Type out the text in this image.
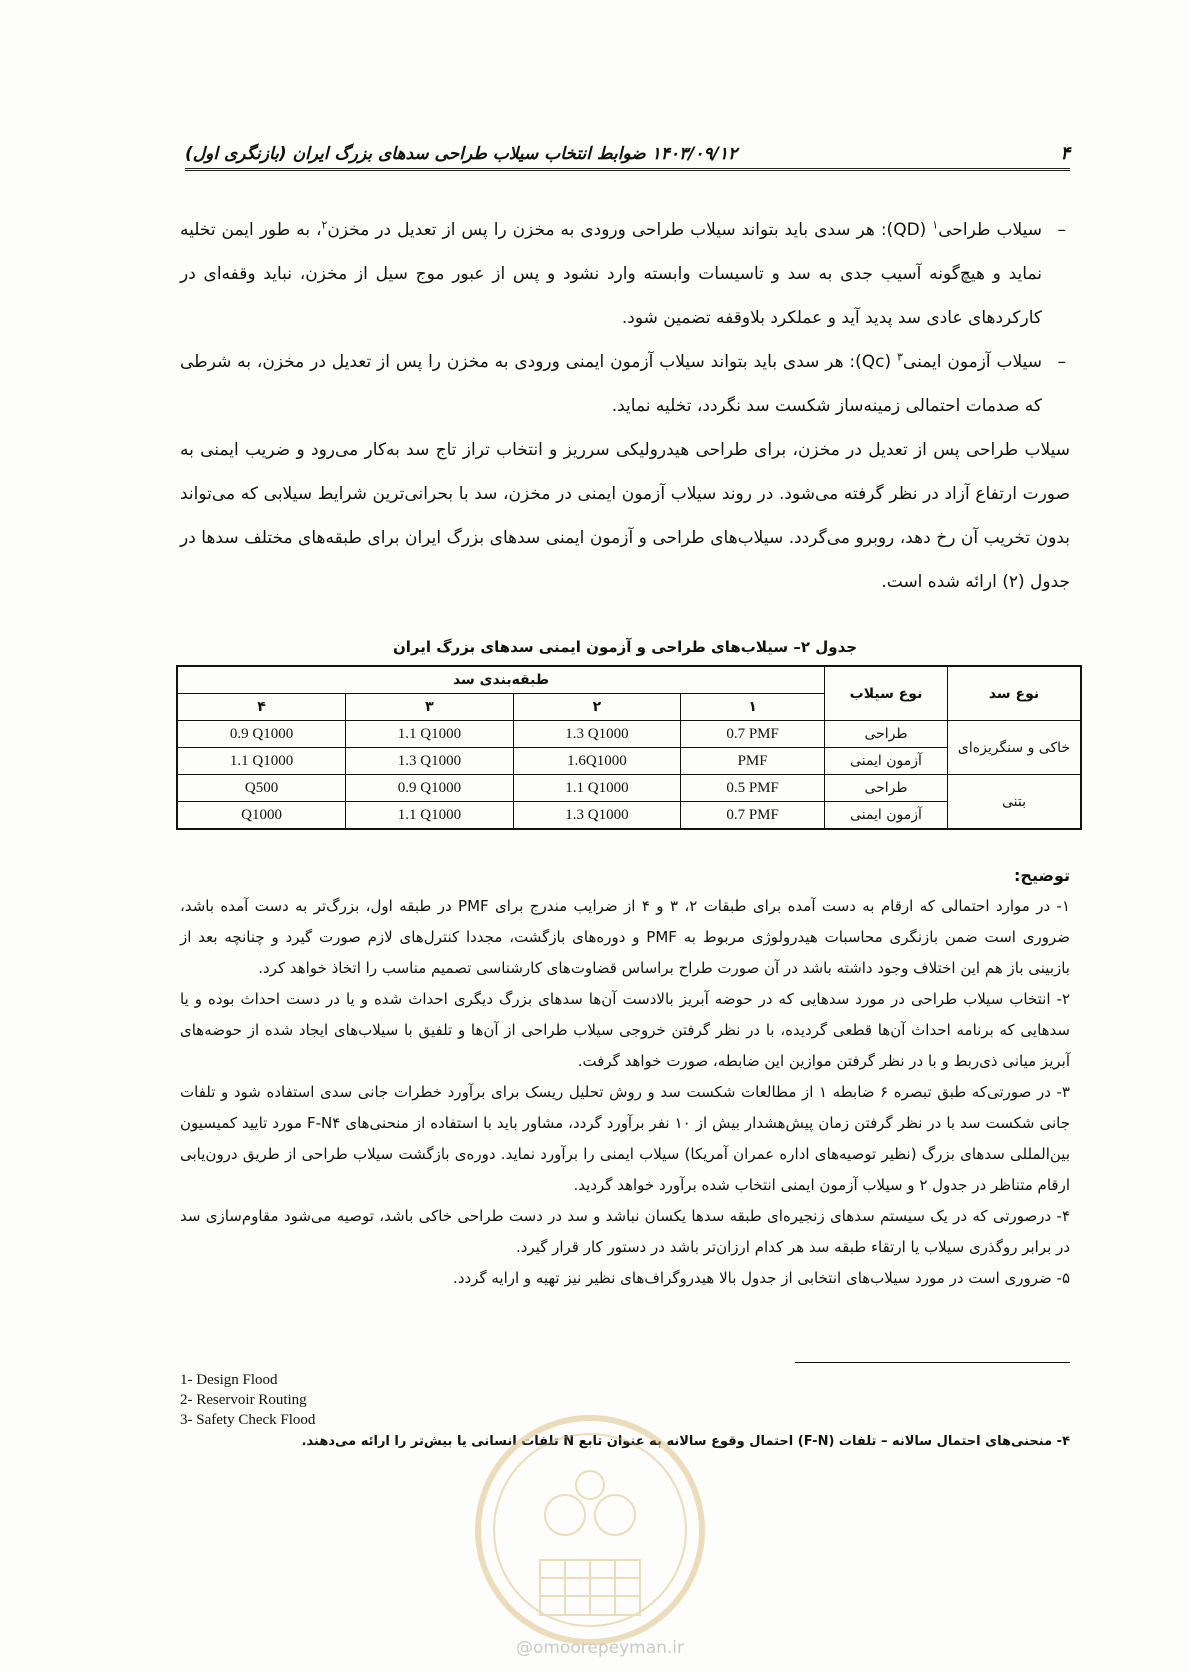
۴
۱۴۰۳/۰۹/۱۲ ضوابط انتخاب سیلاب طراحی سدهای بزرگ ایران (بازنگری اول)

– سیلاب طراحی$^۱$ (QD): هر سدی باید بتواند سیلاب طراحی ورودی به مخزن را پس از تعدیل در مخزن$^۲$، به طور ایمن تخلیه نماید و هیچ‌گونه آسیب جدی به سد و تاسیسات وابسته وارد نشود و پس از عبور موج سیل از مخزن، نباید وقفه‌ای در کارکردهای عادی سد پدید آید و عملکرد بلاوقفه تضمین شود.

– سیلاب آزمون ایمنی$^۳$ (Qc): هر سدی باید بتواند سیلاب آزمون ایمنی ورودی به مخزن را پس از تعدیل در مخزن، به شرطی که صدمات احتمالی زمینه‌ساز شکست سد نگردد، تخلیه نماید.

سیلاب طراحی پس از تعدیل در مخزن، برای طراحی هیدرولیکی سرریز و انتخاب تراز تاج سد به‌کار می‌رود و ضریب ایمنی به صورت ارتفاع آزاد در نظر گرفته می‌شود. در روند سیلاب آزمون ایمنی در مخزن، سد با بحرانی‌ترین شرایط سیلابی که می‌تواند بدون تخریب آن رخ دهد، روبرو می‌گردد. سیلاب‌های طراحی و آزمون ایمنی سدهای بزرگ ایران برای طبقه‌های مختلف سدها در جدول (۲) ارائه شده است.

جدول ۲– سیلاب‌های طراحی و آزمون ایمنی سدهای بزرگ ایران
نوع سد	نوع سیلاب	طبقه‌بندی سد			
		۱	۲	۳	۴
خاکی و سنگریزه‌ای	طراحی	0.7 PMF	1.3 Q1000	1.1 Q1000	0.9 Q1000
	آزمون ایمنی	PMF	1.6Q1000	1.3 Q1000	1.1 Q1000
بتنی	طراحی	0.5 PMF	1.1 Q1000	0.9 Q1000	Q500
	آزمون ایمنی	0.7 PMF	1.3 Q1000	1.1 Q1000	Q1000

توضیح:

۱- در موارد احتمالی که ارقام به دست آمده برای طبقات ۲، ۳ و ۴ از ضرایب مندرج برای PMF در طبقه اول، بزرگ‌تر به دست آمده باشد، ضروری است ضمن بازنگری محاسبات هیدرولوژی مربوط به PMF و دوره‌های بازگشت، مجددا کنترل‌های لازم صورت گیرد و چنانچه بعد از بازبینی باز هم این اختلاف وجود داشته باشد در آن صورت طراح براساس قضاوت‌های کارشناسی تصمیم مناسب را اتخاذ خواهد کرد.

۲- انتخاب سیلاب طراحی در مورد سدهایی که در حوضه آبریز بالادست آن‌ها سدهای بزرگ دیگری احداث شده و یا در دست احداث بوده و یا سدهایی که برنامه احداث آن‌ها قطعی گردیده، با در نظر گرفتن خروجی سیلاب طراحی از آن‌ها و تلفیق با سیلاب‌های ایجاد شده از حوضه‌های آبریز میانی ذی‌ربط و با در نظر گرفتن موازین این ضابطه، صورت خواهد گرفت.

۳- در صورتی‌که طبق تبصره ۶ ضابطه ۱ از مطالعات شکست سد و روش تحلیل ریسک برای برآورد خطرات جانی سدی استفاده شود و تلفات جانی شکست سد با در نظر گرفتن زمان پیش‌هشدار بیش از ۱۰ نفر برآورد گردد، مشاور باید با استفاده از منحنی‌های F-N۴ مورد تایید کمیسیون بین‌المللی سدهای بزرگ (نظیر توصیه‌های اداره عمران آمریکا) سیلاب ایمنی را برآورد نماید. دوره‌ی بازگشت سیلاب طراحی از طریق درون‌یابی ارقام متناظر در جدول ۲ و سیلاب آزمون ایمنی انتخاب شده برآورد خواهد گردید.

۴- درصورتی که در یک سیستم سدهای زنجیره‌ای طبقه سدها یکسان نباشد و سد در دست طراحی خاکی باشد، توصیه می‌شود مقاوم‌سازی سد در برابر روگذری سیلاب یا ارتقاء طبقه سد هر کدام ارزان‌تر باشد در دستور کار قرار گیرد.

۵- ضروری است در مورد سیلاب‌های انتخابی از جدول بالا هیدروگراف‌های نظیر نیز تهیه و ارایه گردد.

1- Design Flood
2- Reservoir Routing
3- Safety Check Flood
۴- منحنی‌های احتمال سالانه – تلفات (F-N) احتمال وقوع سالانه به عنوان تابع N تلفات انسانی یا بیش‌تر را ارائه می‌دهند.
@omoorepeyman.ir
